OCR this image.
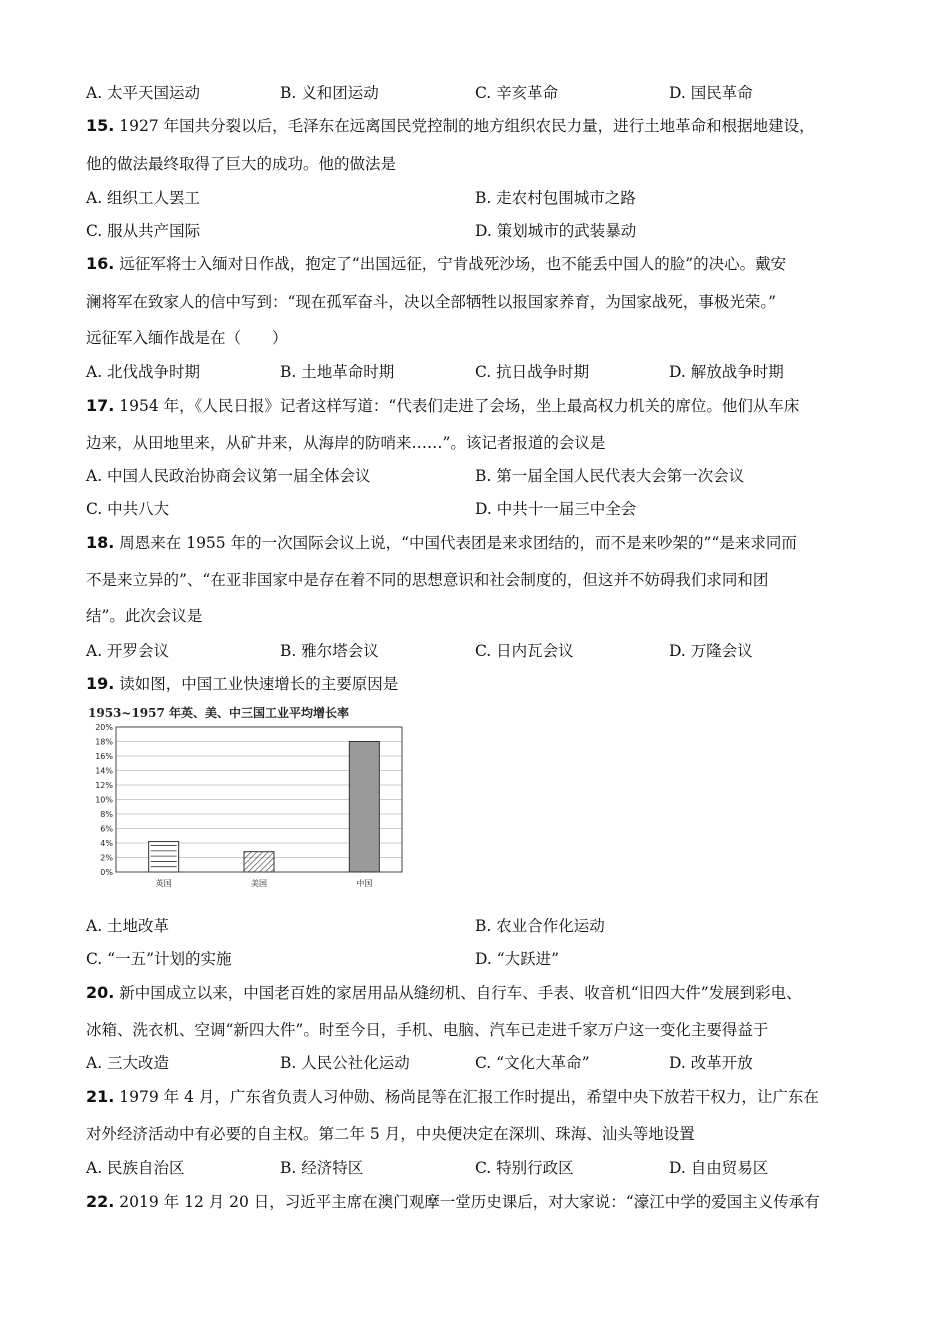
A. 太平天国运动	B. 义和团运动	C. 辛亥革命	D. 国民革命
15. 1927 年国共分裂以后，毛泽东在远离国民党控制的地方组织农民力量，进行土地革命和根据地建设，
他的做法最终取得了巨大的成功。他的做法是
A. 组织工人罢工	B. 走农村包围城市之路
C. 服从共产国际	D. 策划城市的武装暴动
16. 远征军将士入缅对日作战，抱定了“出国远征，宁肯战死沙场，也不能丢中国人的脸”的决心。戴安
澜将军在致家人的信中写到：“现在孤军奋斗，决以全部牺牲以报国家养育，为国家战死，事极光荣。”
远征军入缅作战是在（　　）
A. 北伐战争时期	B. 土地革命时期	C. 抗日战争时期	D. 解放战争时期
17. 1954 年，《人民日报》记者这样写道：“代表们走进了会场，坐上最高权力机关的席位。他们从车床
边来，从田地里来，从矿井来，从海岸的防哨来……”。该记者报道的会议是
A. 中国人民政治协商会议第一届全体会议	B. 第一届全国人民代表大会第一次会议
C. 中共八大	D. 中共十一届三中全会
18. 周恩来在 1955 年的一次国际会议上说，“中国代表团是来求团结的，而不是来吵架的”“是来求同而
不是来立异的”、“在亚非国家中是存在着不同的思想意识和社会制度的，但这并不妨碍我们求同和团
结”。此次会议是
A. 开罗会议	B. 雅尔塔会议	C. 日内瓦会议	D. 万隆会议
19. 读如图，中国工业快速增长的主要原因是
1953~1957 年英、美、中三国工业平均增长率
0%
2%
4%
6%
8%
10%
12%
14%
16%
18%
20%
英国	美国	中国
A. 土地改革	B. 农业合作化运动
C. “一五”计划的实施	D. “大跃进”
20. 新中国成立以来，中国老百姓的家居用品从缝纫机、自行车、手表、收音机“旧四大件”发展到彩电、
冰箱、洗衣机、空调“新四大件”。时至今日，手机、电脑、汽车已走进千家万户这一变化主要得益于
A. 三大改造	B. 人民公社化运动	C. “文化大革命”	D. 改革开放
21. 1979 年 4 月，广东省负责人习仲勋、杨尚昆等在汇报工作时提出，希望中央下放若干权力，让广东在
对外经济活动中有必要的自主权。第二年 5 月，中央便决定在深圳、珠海、汕头等地设置
A. 民族自治区	B. 经济特区	C. 特别行政区	D. 自由贸易区
22. 2019 年 12 月 20 日，习近平主席在澳门观摩一堂历史课后，对大家说：“濠江中学的爱国主义传承有
